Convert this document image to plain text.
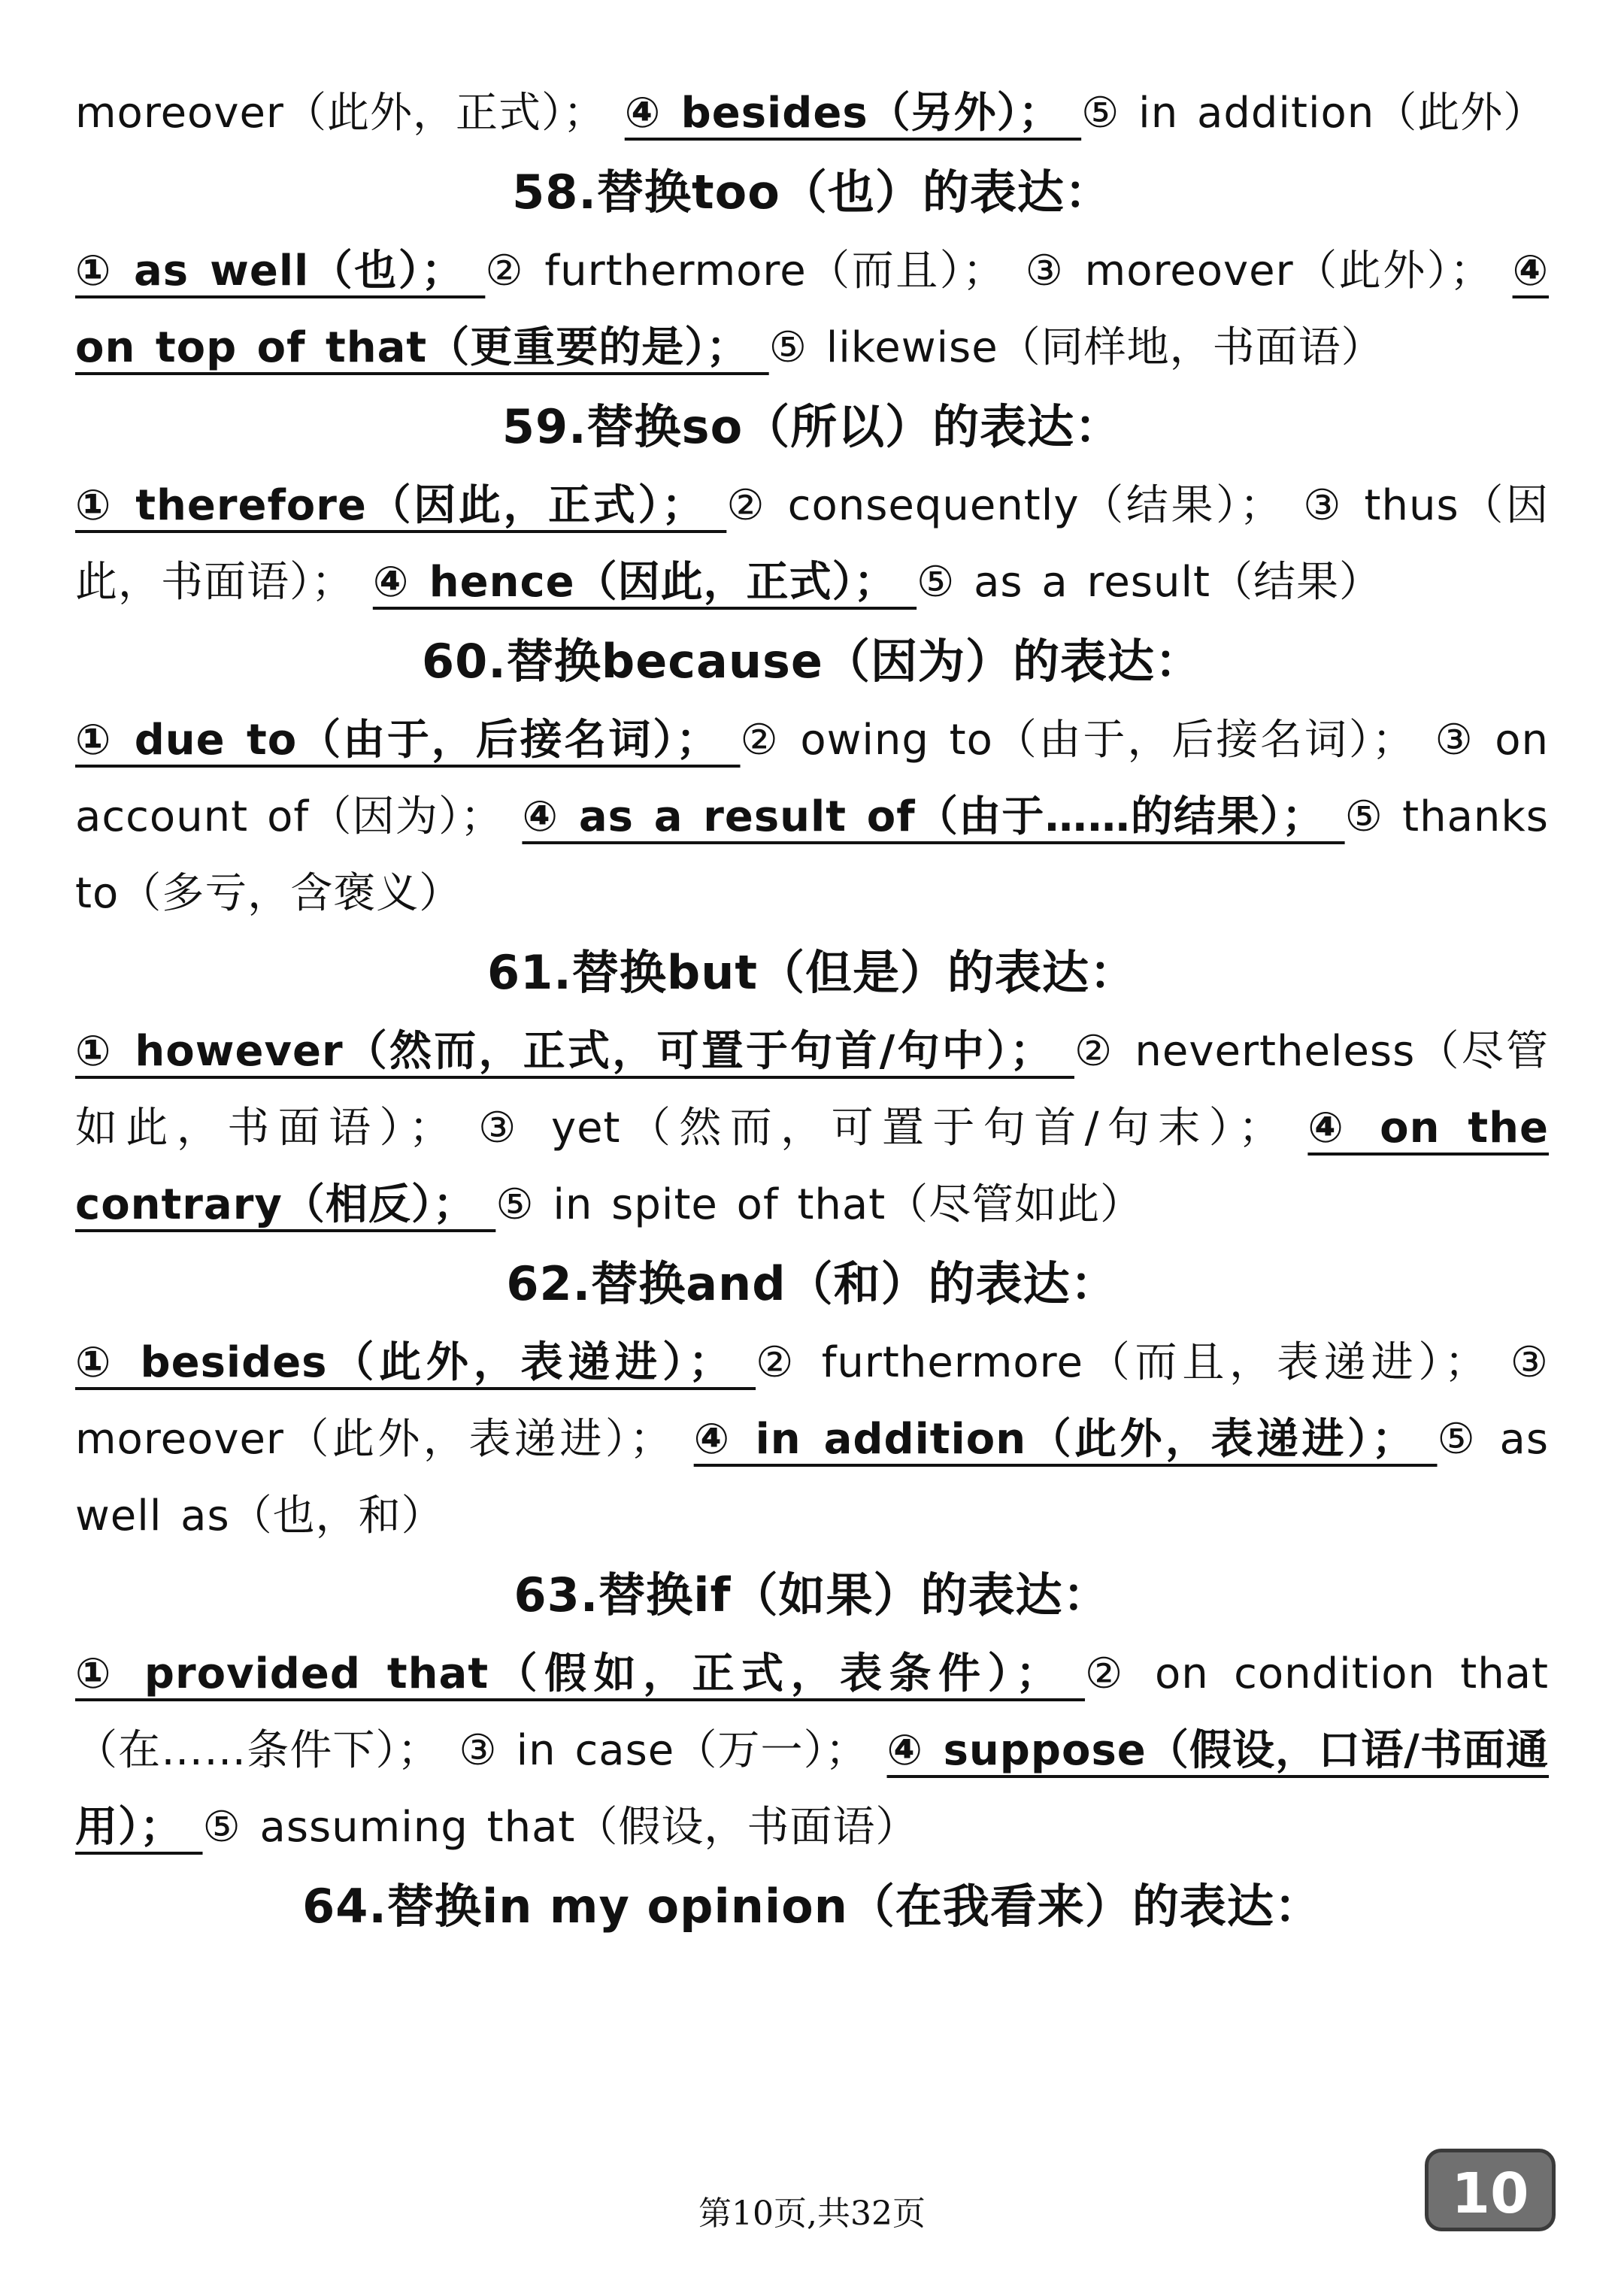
moreover（此外，正式）； ④ besides（另外）； ⑤ in addition（此外）

58.替换too（也）的表达：

① as well（也）； ② furthermore（而且）； ③ moreover（此外）； ④ on top of that（更重要的是）； ⑤ likewise（同样地，书面语）

59.替换so（所以）的表达：

① therefore（因此，正式）； ② consequently（结果）； ③ thus（因此，书面语）； ④ hence（因此，正式）； ⑤ as a result（结果）

60.替换because（因为）的表达：

① due to（由于，后接名词）； ② owing to（由于，后接名词）； ③ on account of（因为）； ④ as a result of（由于……的结果）； ⑤ thanks to（多亏，含褒义）

61.替换but（但是）的表达：

① however（然而，正式，可置于句首/句中）； ② nevertheless（尽管如此，书面语）； ③ yet（然而，可置于句首/句末）； ④ on the contrary（相反）； ⑤ in spite of that（尽管如此）

62.替换and（和）的表达：

① besides（此外，表递进）； ② furthermore（而且，表递进）； ③ moreover（此外，表递进）； ④ in addition（此外，表递进）； ⑤ as well as（也，和）

63.替换if（如果）的表达：

① provided that（假如，正式，表条件）； ② on condition that（在……条件下）； ③ in case（万一）； ④ suppose（假设，口语/书面通用）； ⑤ assuming that（假设，书面语）

64.替换in my opinion（在我看来）的表达：
10
第10页,共32页
